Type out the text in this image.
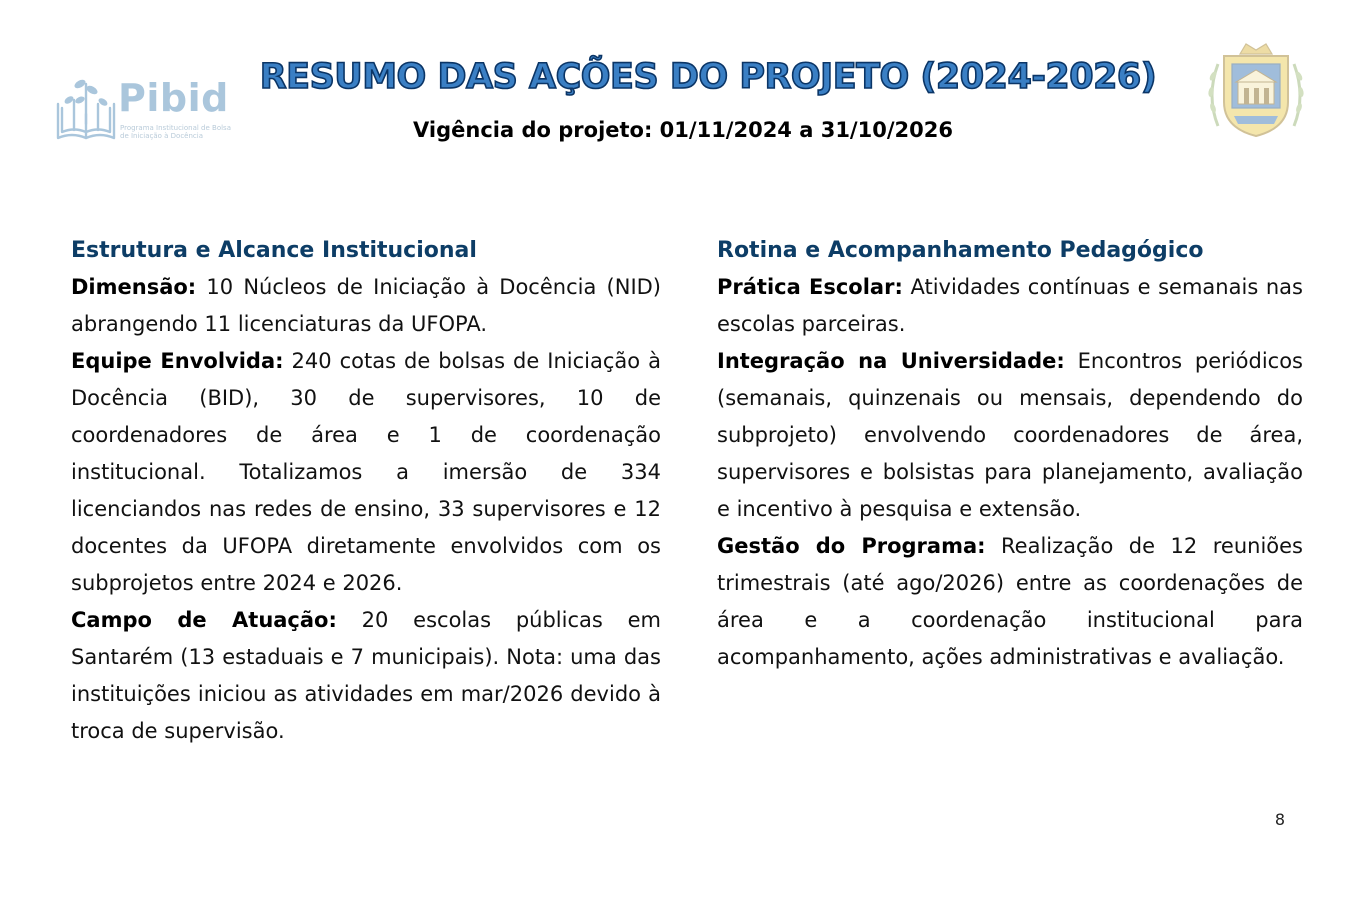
Pibid
Programa Institucional de Bolsa de Iniciação à Docência
RESUMO DAS AÇÕES DO PROJETO (2024-2026)
Vigência do projeto: 01/11/2024 a 31/10/2026
Estrutura e Alcance Institucional

Dimensão: 10 Núcleos de Iniciação à Docência (NID) abrangendo 11 licenciaturas da UFOPA.

Equipe Envolvida: 240 cotas de bolsas de Iniciação à Docência (BID), 30 de supervisores, 10 de coordenadores de área e 1 de coordenação institucional. Totalizamos a imersão de 334 licenciandos nas redes de ensino, 33 supervisores e 12 docentes da UFOPA diretamente envolvidos com os subprojetos entre 2024 e 2026.

Campo de Atuação: 20 escolas públicas em Santarém (13 estaduais e 7 municipais). Nota: uma das instituições iniciou as atividades em mar/2026 devido à troca de supervisão.

Rotina e Acompanhamento Pedagógico

Prática Escolar: Atividades contínuas e semanais nas escolas parceiras.

Integração na Universidade: Encontros periódicos (semanais, quinzenais ou mensais, dependendo do subprojeto) envolvendo coordenadores de área, supervisores e bolsistas para planejamento, avaliação e incentivo à pesquisa e extensão.

Gestão do Programa: Realização de 12 reuniões trimestrais (até ago/2026) entre as coordenações de área e a coordenação institucional para acompanhamento, ações administrativas e avaliação.

8
